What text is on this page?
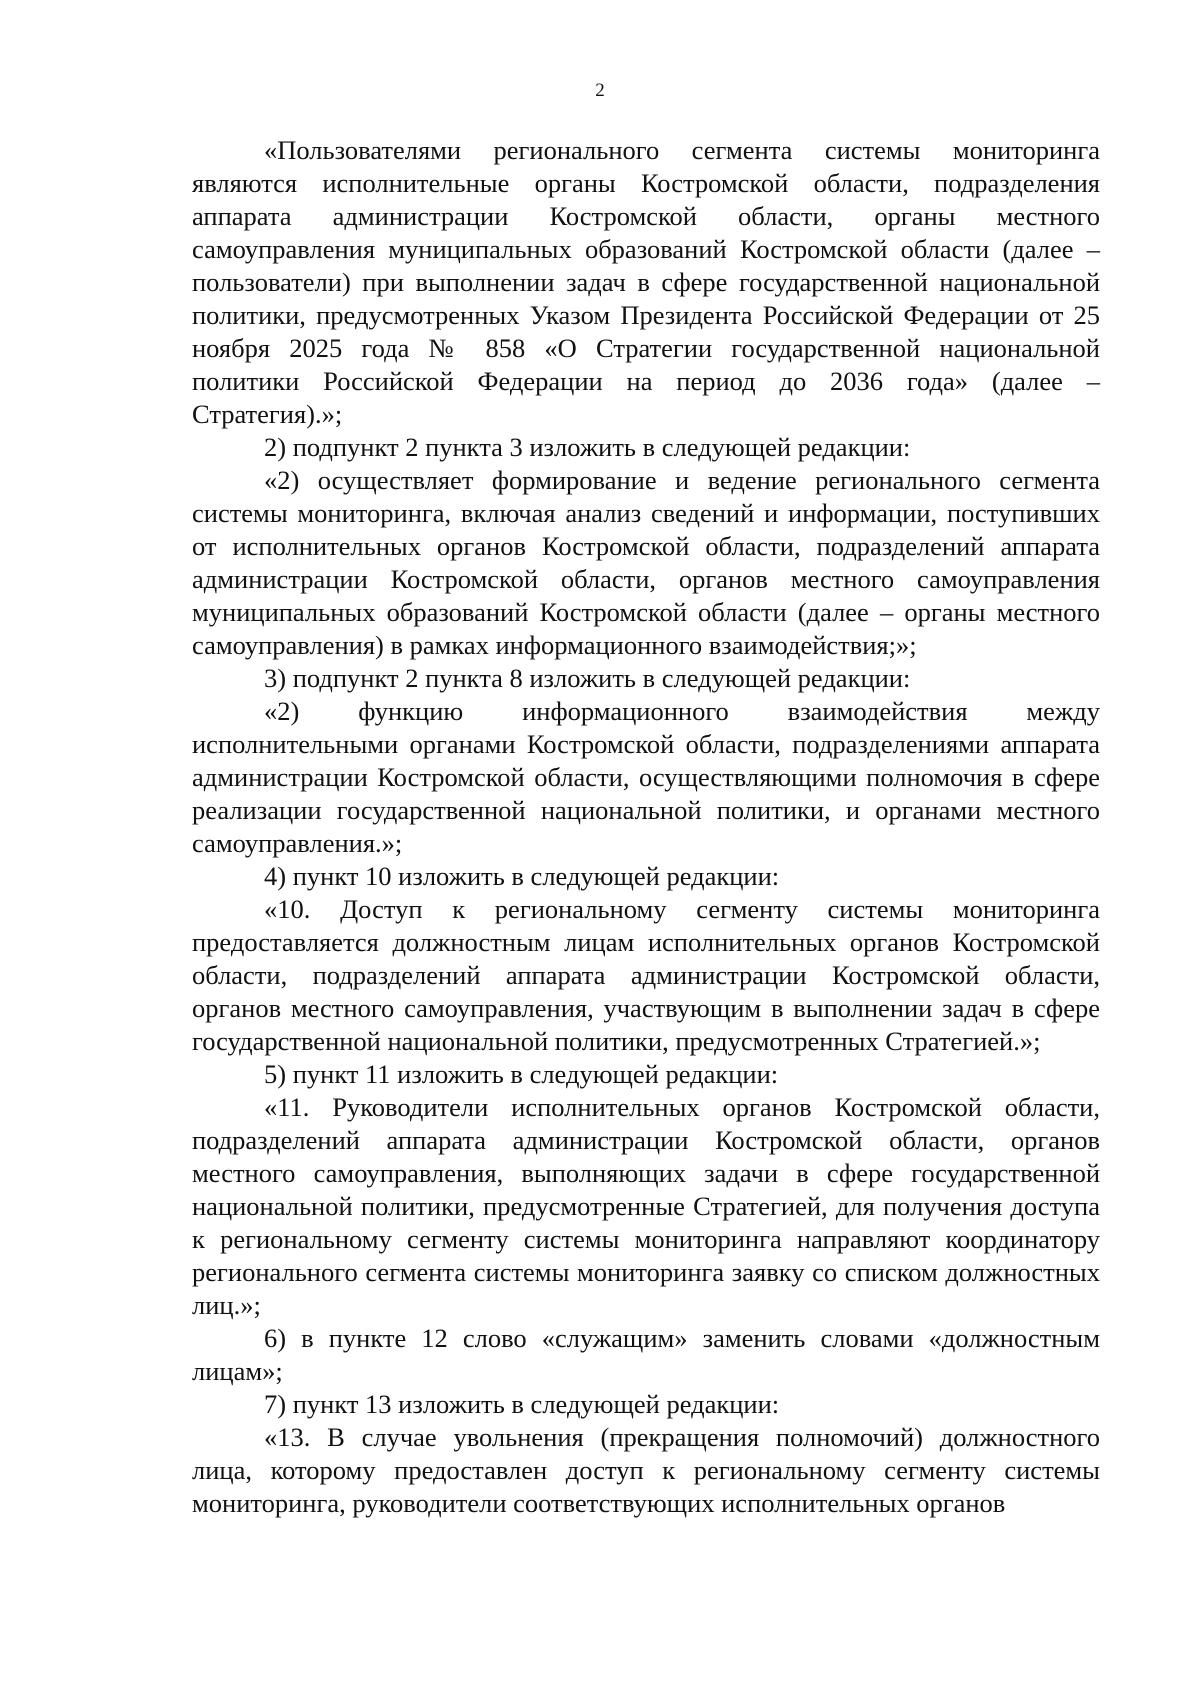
2

«Пользователями регионального сегмента системы мониторинга являются исполнительные органы Костромской области, подразделения аппарата администрации Костромской области, органы местного самоуправления муниципальных образований Костромской области (далее – пользователи) при выполнении задач в сфере государственной национальной политики, предусмотренных Указом Президента Российской Федерации от 25 ноября 2025 года № 858 «О Стратегии государственной национальной политики Российской Федерации на период до 2036 года» (далее – Стратегия).»;

2) подпункт 2 пункта 3 изложить в следующей редакции:

«2) осуществляет формирование и ведение регионального сегмента системы мониторинга, включая анализ сведений и информации, поступивших от исполнительных органов Костромской области, подразделений аппарата администрации Костромской области, органов местного самоуправления муниципальных образований Костромской области (далее – органы местного самоуправления) в рамках информационного взаимодействия;»;

3) подпункт 2 пункта 8 изложить в следующей редакции:

«2) функцию информационного взаимодействия между исполнительными органами Костромской области, подразделениями аппарата администрации Костромской области, осуществляющими полномочия в сфере реализации государственной национальной политики, и органами местного самоуправления.»;

4) пункт 10 изложить в следующей редакции:

«10. Доступ к региональному сегменту системы мониторинга предоставляется должностным лицам исполнительных органов Костромской области, подразделений аппарата администрации Костромской области, органов местного самоуправления, участвующим в выполнении задач в сфере государственной национальной политики, предусмотренных Стратегией.»;

5) пункт 11 изложить в следующей редакции:

«11. Руководители исполнительных органов Костромской области, подразделений аппарата администрации Костромской области, органов местного самоуправления, выполняющих задачи в сфере государственной национальной политики, предусмотренные Стратегией, для получения доступа к региональному сегменту системы мониторинга направляют координатору регионального сегмента системы мониторинга заявку со списком должностных лиц.»;

6) в пункте 12 слово «служащим» заменить словами «должностным лицам»;

7) пункт 13 изложить в следующей редакции:

«13. В случае увольнения (прекращения полномочий) должностного лица, которому предоставлен доступ к региональному сегменту системы мониторинга, руководители соответствующих исполнительных органов
